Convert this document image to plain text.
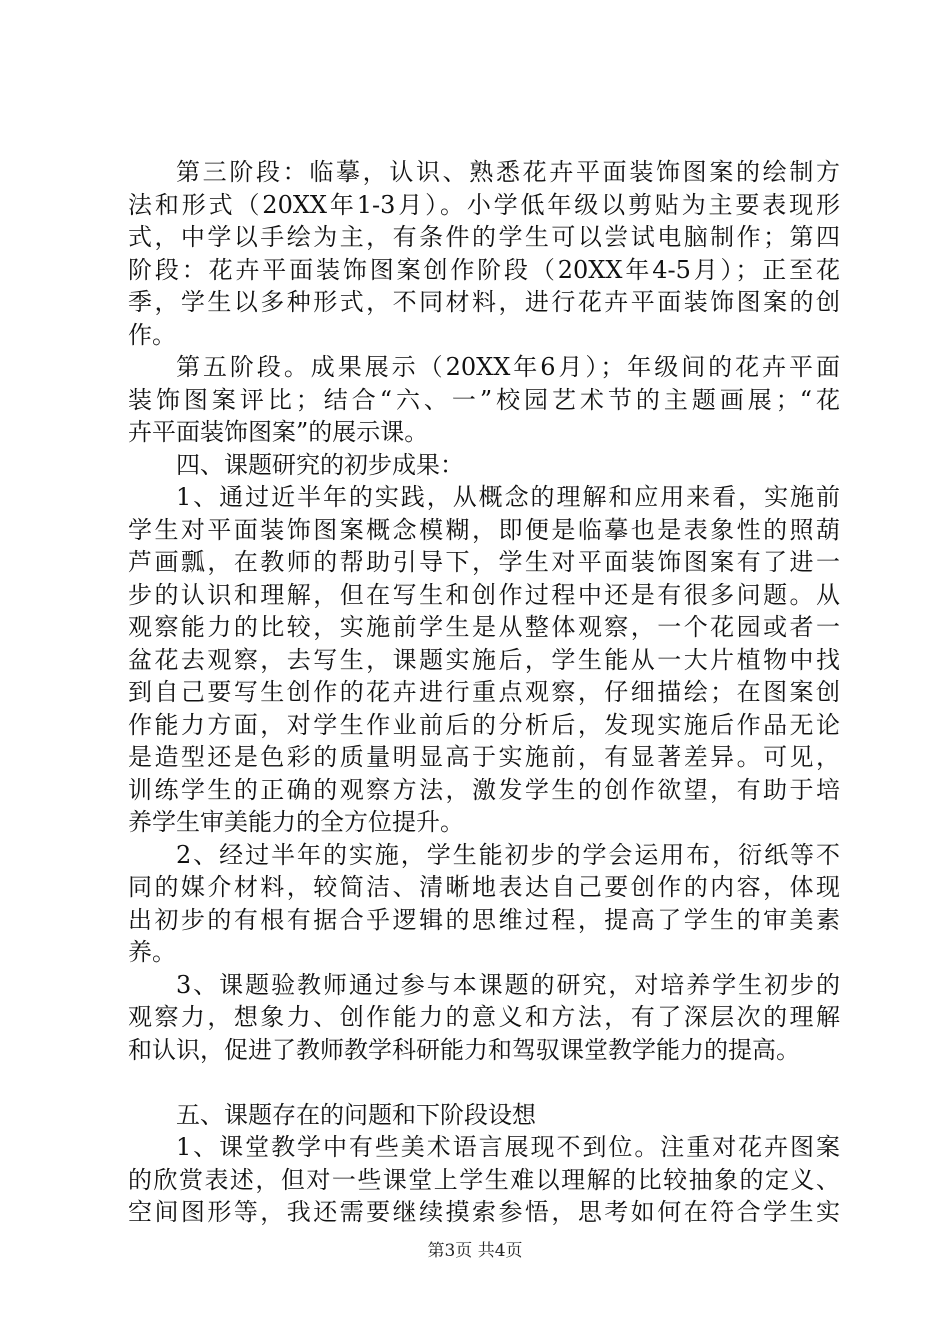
第三阶段：临摹，认识、熟悉花卉平面装饰图案的绘制方
法和形式（20XX年1-3月）。小学低年级以剪贴为主要表现形
式，中学以手绘为主，有条件的学生可以尝试电脑制作；第四
阶段：花卉平面装饰图案创作阶段（20XX年4-5月）；正至花
季，学生以多种形式，不同材料，进行花卉平面装饰图案的创
作。
第五阶段。成果展示（20XX年6月）；年级间的花卉平面
装饰图案评比；结合“六、一”校园艺术节的主题画展；“花
卉平面装饰图案”的展示课。
四、课题研究的初步成果：
1、通过近半年的实践，从概念的理解和应用来看，实施前
学生对平面装饰图案概念模糊，即便是临摹也是表象性的照葫
芦画瓢，在教师的帮助引导下，学生对平面装饰图案有了进一
步的认识和理解，但在写生和创作过程中还是有很多问题。从
观察能力的比较，实施前学生是从整体观察，一个花园或者一
盆花去观察，去写生，课题实施后，学生能从一大片植物中找
到自己要写生创作的花卉进行重点观察，仔细描绘；在图案创
作能力方面，对学生作业前后的分析后，发现实施后作品无论
是造型还是色彩的质量明显高于实施前，有显著差异。可见，
训练学生的正确的观察方法，激发学生的创作欲望，有助于培
养学生审美能力的全方位提升。
2、经过半年的实施，学生能初步的学会运用布，衍纸等不
同的媒介材料，较简洁、清晰地表达自己要创作的内容，体现
出初步的有根有据合乎逻辑的思维过程，提高了学生的审美素
养。
3、课题验教师通过参与本课题的研究，对培养学生初步的
观察力，想象力、创作能力的意义和方法，有了深层次的理解
和认识，促进了教师教学科研能力和驾驭课堂教学能力的提高。
五、课题存在的问题和下阶段设想
1、课堂教学中有些美术语言展现不到位。注重对花卉图案
的欣赏表述，但对一些课堂上学生难以理解的比较抽象的定义、
空间图形等，我还需要继续摸索参悟，思考如何在符合学生实
第3页 共4页
